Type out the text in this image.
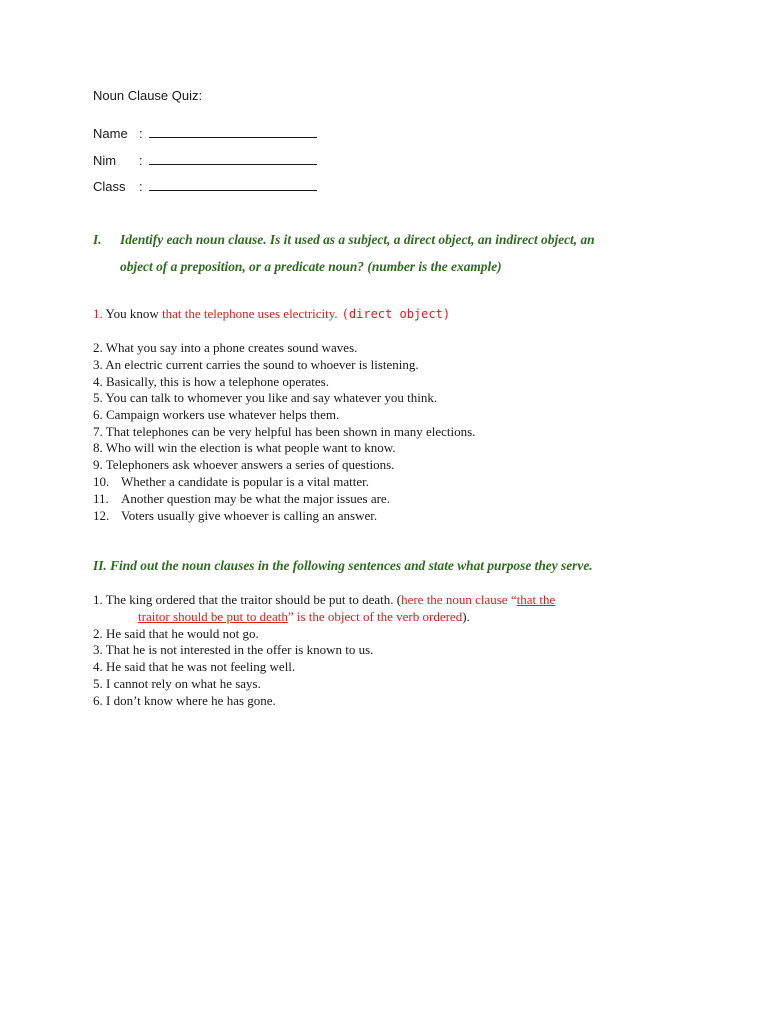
Noun Clause Quiz:
Name :
Nim	:
Class	:
I. Identify each noun clause. Is it used as a subject, a direct object, an indirect object, an
object of a preposition, or a predicate noun? (number is the example)
1. You know that the telephone uses electricity. (direct object)
2. What you say into a phone creates sound waves.
3. An electric current carries the sound to whoever is listening.
4. Basically, this is how a telephone operates.
5. You can talk to whomever you like and say whatever you think.
6. Campaign workers use whatever helps them.
7. That telephones can be very helpful has been shown in many elections.
8. Who will win the election is what people want to know.
9. Telephoners ask whoever answers a series of questions.
10. Whether a candidate is popular is a vital matter.
11. Another question may be what the major issues are.
12. Voters usually give whoever is calling an answer.
II. Find out the noun clauses in the following sentences and state what purpose they serve.
1. The king ordered that the traitor should be put to death. (here the noun clause “that the
traitor should be put to death” is the object of the verb ordered).
2. He said that he would not go.
3. That he is not interested in the offer is known to us.
4. He said that he was not feeling well.
5. I cannot rely on what he says.
6. I don’t know where he has gone.
